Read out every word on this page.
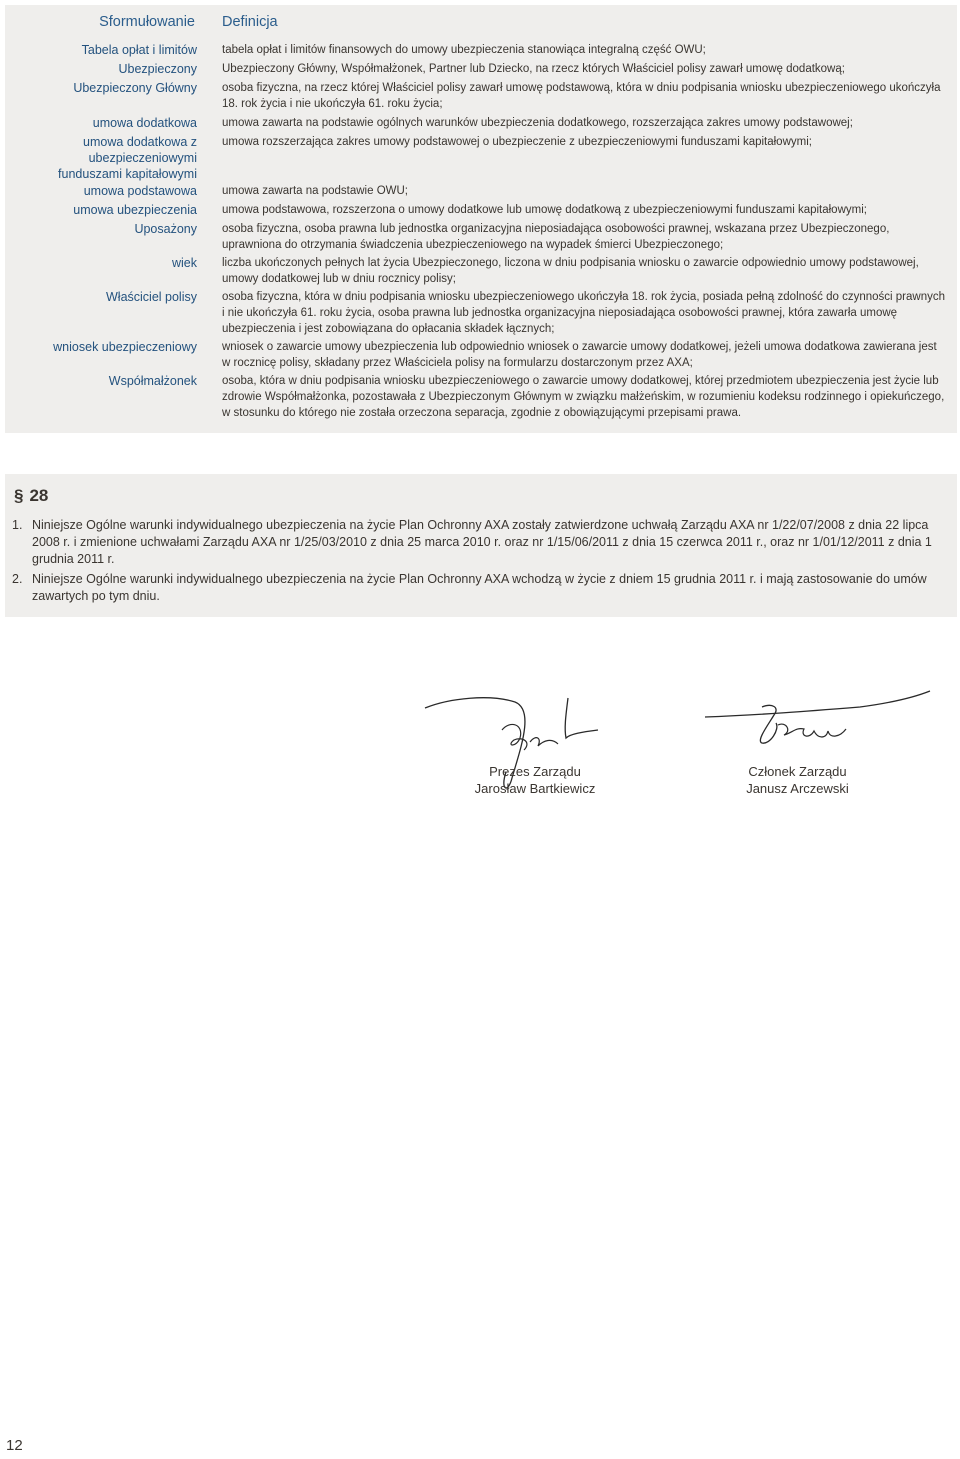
Sformułowanie Definicja
Tabela opłat i limitów tabela opłat i limitów finansowych do umowy ubezpieczenia stanowiąca integralną część OWU;
Ubezpieczony Ubezpieczony Główny, Współmałżonek, Partner lub Dziecko, na rzecz których Właściciel polisy zawarł umowę dodatkową;
Ubezpieczony Główny osoba fizyczna, na rzecz której Właściciel polisy zawarł umowę podstawową, która w dniu podpisania wniosku ubezpieczeniowego ukończyła 18. rok życia i nie ukończyła 61. roku życia;
umowa dodatkowa umowa zawarta na podstawie ogólnych warunków ubezpieczenia dodatkowego, rozszerzająca zakres umowy podstawowej;
umowa dodatkowa z ubezpieczeniowymi funduszami kapitałowymi
umowa rozszerzająca zakres umowy podstawowej o ubezpieczenie z ubezpieczeniowymi funduszami kapitałowymi;
umowa podstawowa umowa zawarta na podstawie OWU;
umowa ubezpieczenia umowa podstawowa, rozszerzona o umowy dodatkowe lub umowę dodatkową z ubezpieczeniowymi funduszami kapitałowymi;
Uposażony osoba fizyczna, osoba prawna lub jednostka organizacyjna nieposiadająca osobowości prawnej, wskazana przez Ubezpieczonego, uprawniona do otrzymania świadczenia ubezpieczeniowego na wypadek śmierci Ubezpieczonego;
wiek liczba ukończonych pełnych lat życia Ubezpieczonego, liczona w dniu podpisania wniosku o zawarcie odpowiednio umowy podstawowej, umowy dodatkowej lub w dniu rocznicy polisy;
Właściciel polisy osoba fizyczna, która w dniu podpisania wniosku ubezpieczeniowego ukończyła 18. rok życia, posiada pełną zdolność do czynności prawnych i nie ukończyła 61. roku życia, osoba prawna lub jednostka organizacyjna nieposiadająca osobowości prawnej, która zawarła umowę ubezpieczenia i jest zobowiązana do opłacania składek łącznych;
wniosek ubezpieczeniowy wniosek o zawarcie umowy ubezpieczenia lub odpowiednio wniosek o zawarcie umowy dodatkowej, jeżeli umowa dodatkowa zawierana jest w rocznicę polisy, składany przez Właściciela polisy na formularzu dostarczonym przez AXA;
Współmałżonek osoba, która w dniu podpisania wniosku ubezpieczeniowego o zawarcie umowy dodatkowej, której przedmiotem ubezpieczenia jest życie lub zdrowie Współmałżonka, pozostawała z Ubezpieczonym Głównym w związku małżeńskim, w rozumieniu kodeksu rodzinnego i opiekuńczego, w stosunku do którego nie została orzeczona separacja, zgodnie z obowiązującymi przepisami prawa.
§ 28
1. Niniejsze Ogólne warunki indywidualnego ubezpieczenia na życie Plan Ochronny AXA zostały zatwierdzone uchwałą Zarządu AXA nr 1/22/07/2008 z dnia 22 lipca 2008 r. i zmienione uchwałami Zarządu AXA nr 1/25/03/2010 z dnia 25 marca 2010 r. oraz nr 1/15/06/2011 z dnia 15 czerwca 2011 r., oraz nr 1/01/12/2011 z dnia 1 grudnia 2011 r.
2. Niniejsze Ogólne warunki indywidualnego ubezpieczenia na życie Plan Ochronny AXA wchodzą w życie z dniem 15 grudnia 2011 r. i mają zastosowanie do umów zawartych po tym dniu.
Prezes Zarządu
Jarosław Bartkiewicz
Członek Zarządu
Janusz Arczewski
12
